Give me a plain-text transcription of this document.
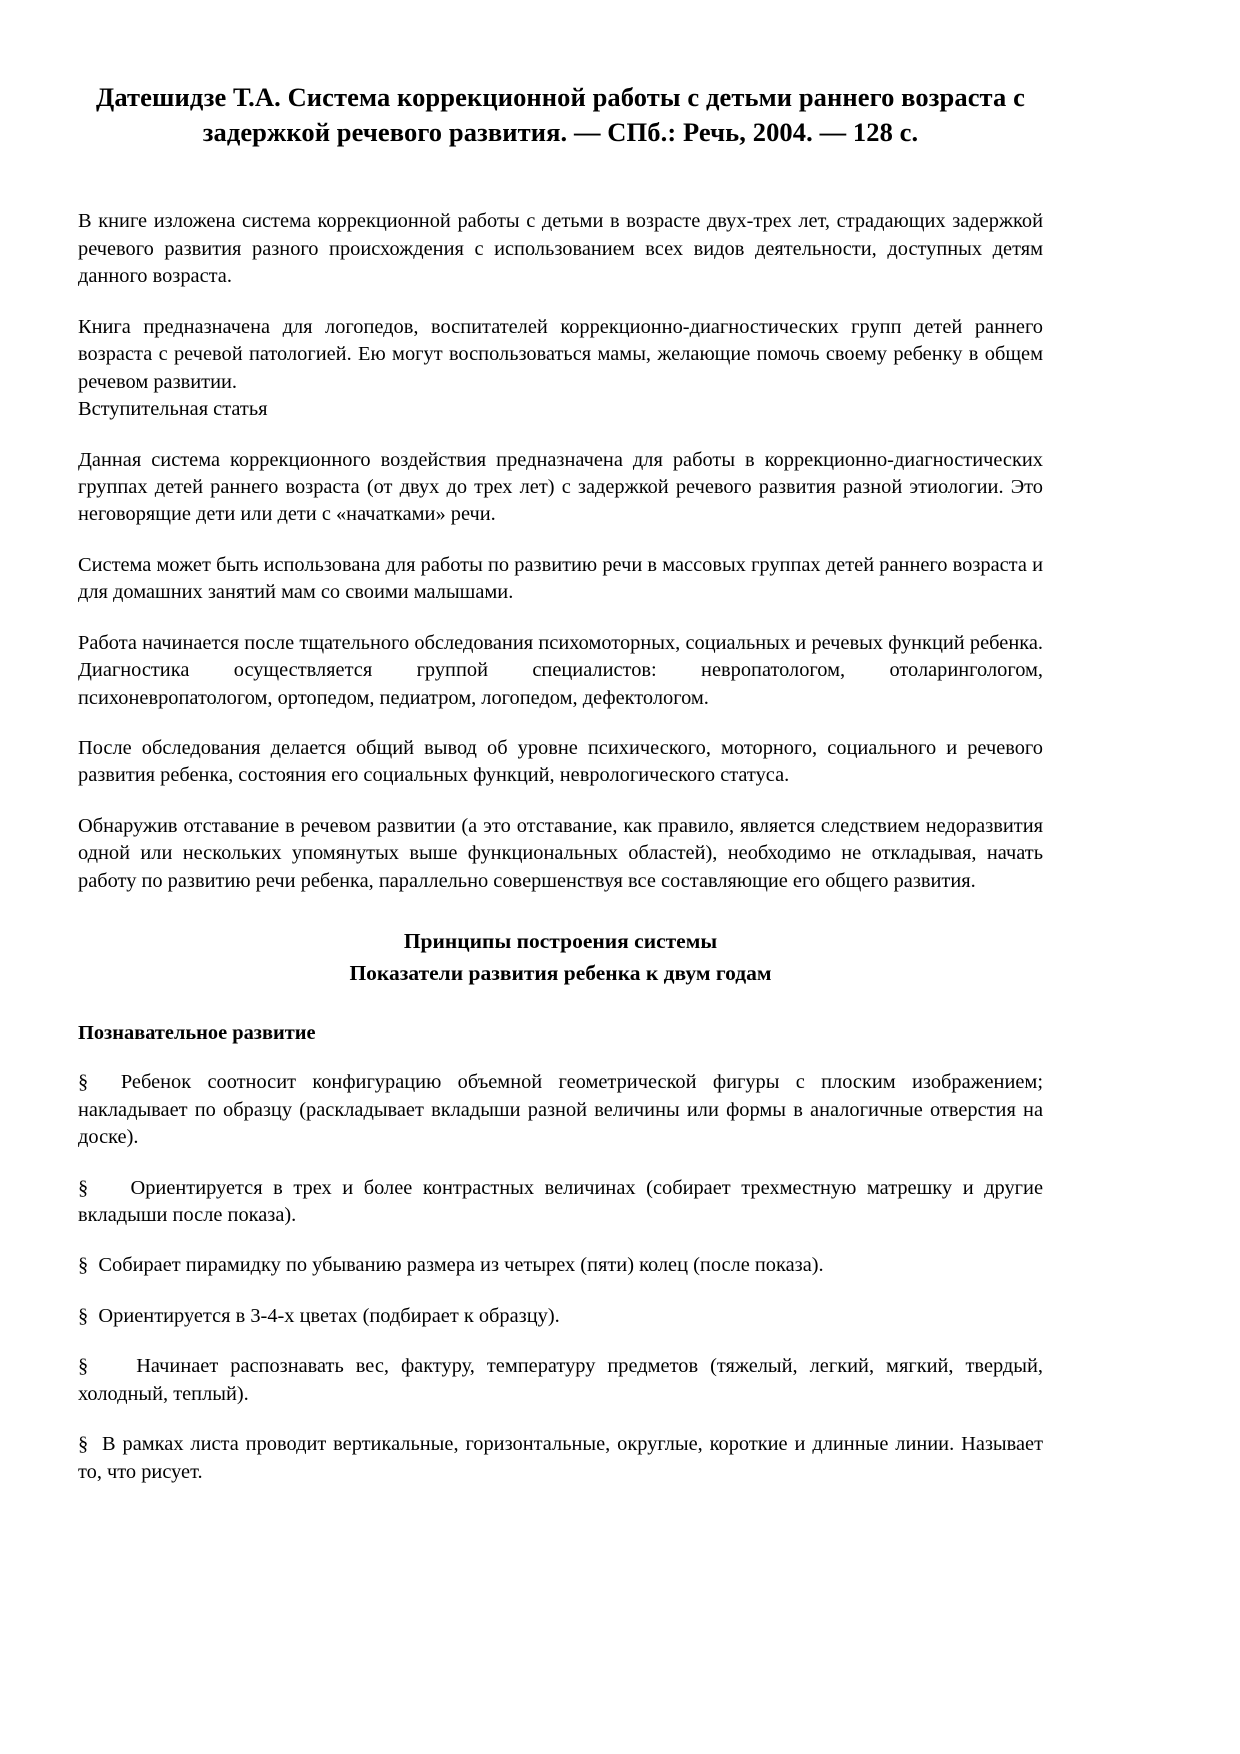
Датешидзе Т.А. Система коррекционной работы с детьми раннего возраста с задержкой речевого развития. — СПб.: Речь, 2004. — 128 с.

В книге изложена система коррекционной работы с детьми в возрасте двух-трех лет, страдающих задержкой речевого развития разного происхождения с использованием всех видов деятельности, доступных детям данного возраста.

Книга предназначена для логопедов, воспитателей коррекционно-диагностических групп детей раннего возраста с речевой патологией. Ею могут воспользоваться мамы, желающие помочь своему ребенку в общем речевом развитии.

Вступительная статья

Данная система коррекционного воздействия предназначена для работы в коррекционно-диагностических группах детей раннего возраста (от двух до трех лет) с задержкой речевого развития разной этиологии. Это неговорящие дети или дети с «начатками» речи.

Система может быть использована для работы по развитию речи в массовых группах детей раннего возраста и для домашних занятий мам со своими малышами.

Работа начинается после тщательного обследования психомоторных, социальных и речевых функций ребенка. Диагностика осуществляется группой специалистов: невропатологом, отоларингологом, психоневропатологом, ортопедом, педиатром, логопедом, дефектологом.

После обследования делается общий вывод об уровне психического, моторного, социального и речевого развития ребенка, состояния его социальных функций, неврологического статуса.

Обнаружив отставание в речевом развитии (а это отставание, как правило, является следствием недоразвития одной или нескольких упомянутых выше функциональных областей), необходимо не откладывая, начать работу по развитию речи ребенка, параллельно совершенствуя все составляющие его общего развития.

Принципы построения системы

Показатели развития ребенка к двум годам

Познавательное развитие

§ Ребенок соотносит конфигурацию объемной геометрической фигуры с плоским изображением; накладывает по образцу (раскладывает вкладыши разной величины или формы в аналогичные отверстия на доске).

§ Ориентируется в трех и более контрастных величинах (собирает трехместную матрешку и другие вкладыши после показа).

§ Собирает пирамидку по убыванию размера из четырех (пяти) колец (после показа).

§ Ориентируется в 3-4-х цветах (подбирает к образцу).

§ Начинает распознавать вес, фактуру, температуру предметов (тяжелый, легкий, мягкий, твердый, холодный, теплый).

§ В рамках листа проводит вертикальные, горизонтальные, округлые, короткие и длинные линии. Называет то, что рисует.
